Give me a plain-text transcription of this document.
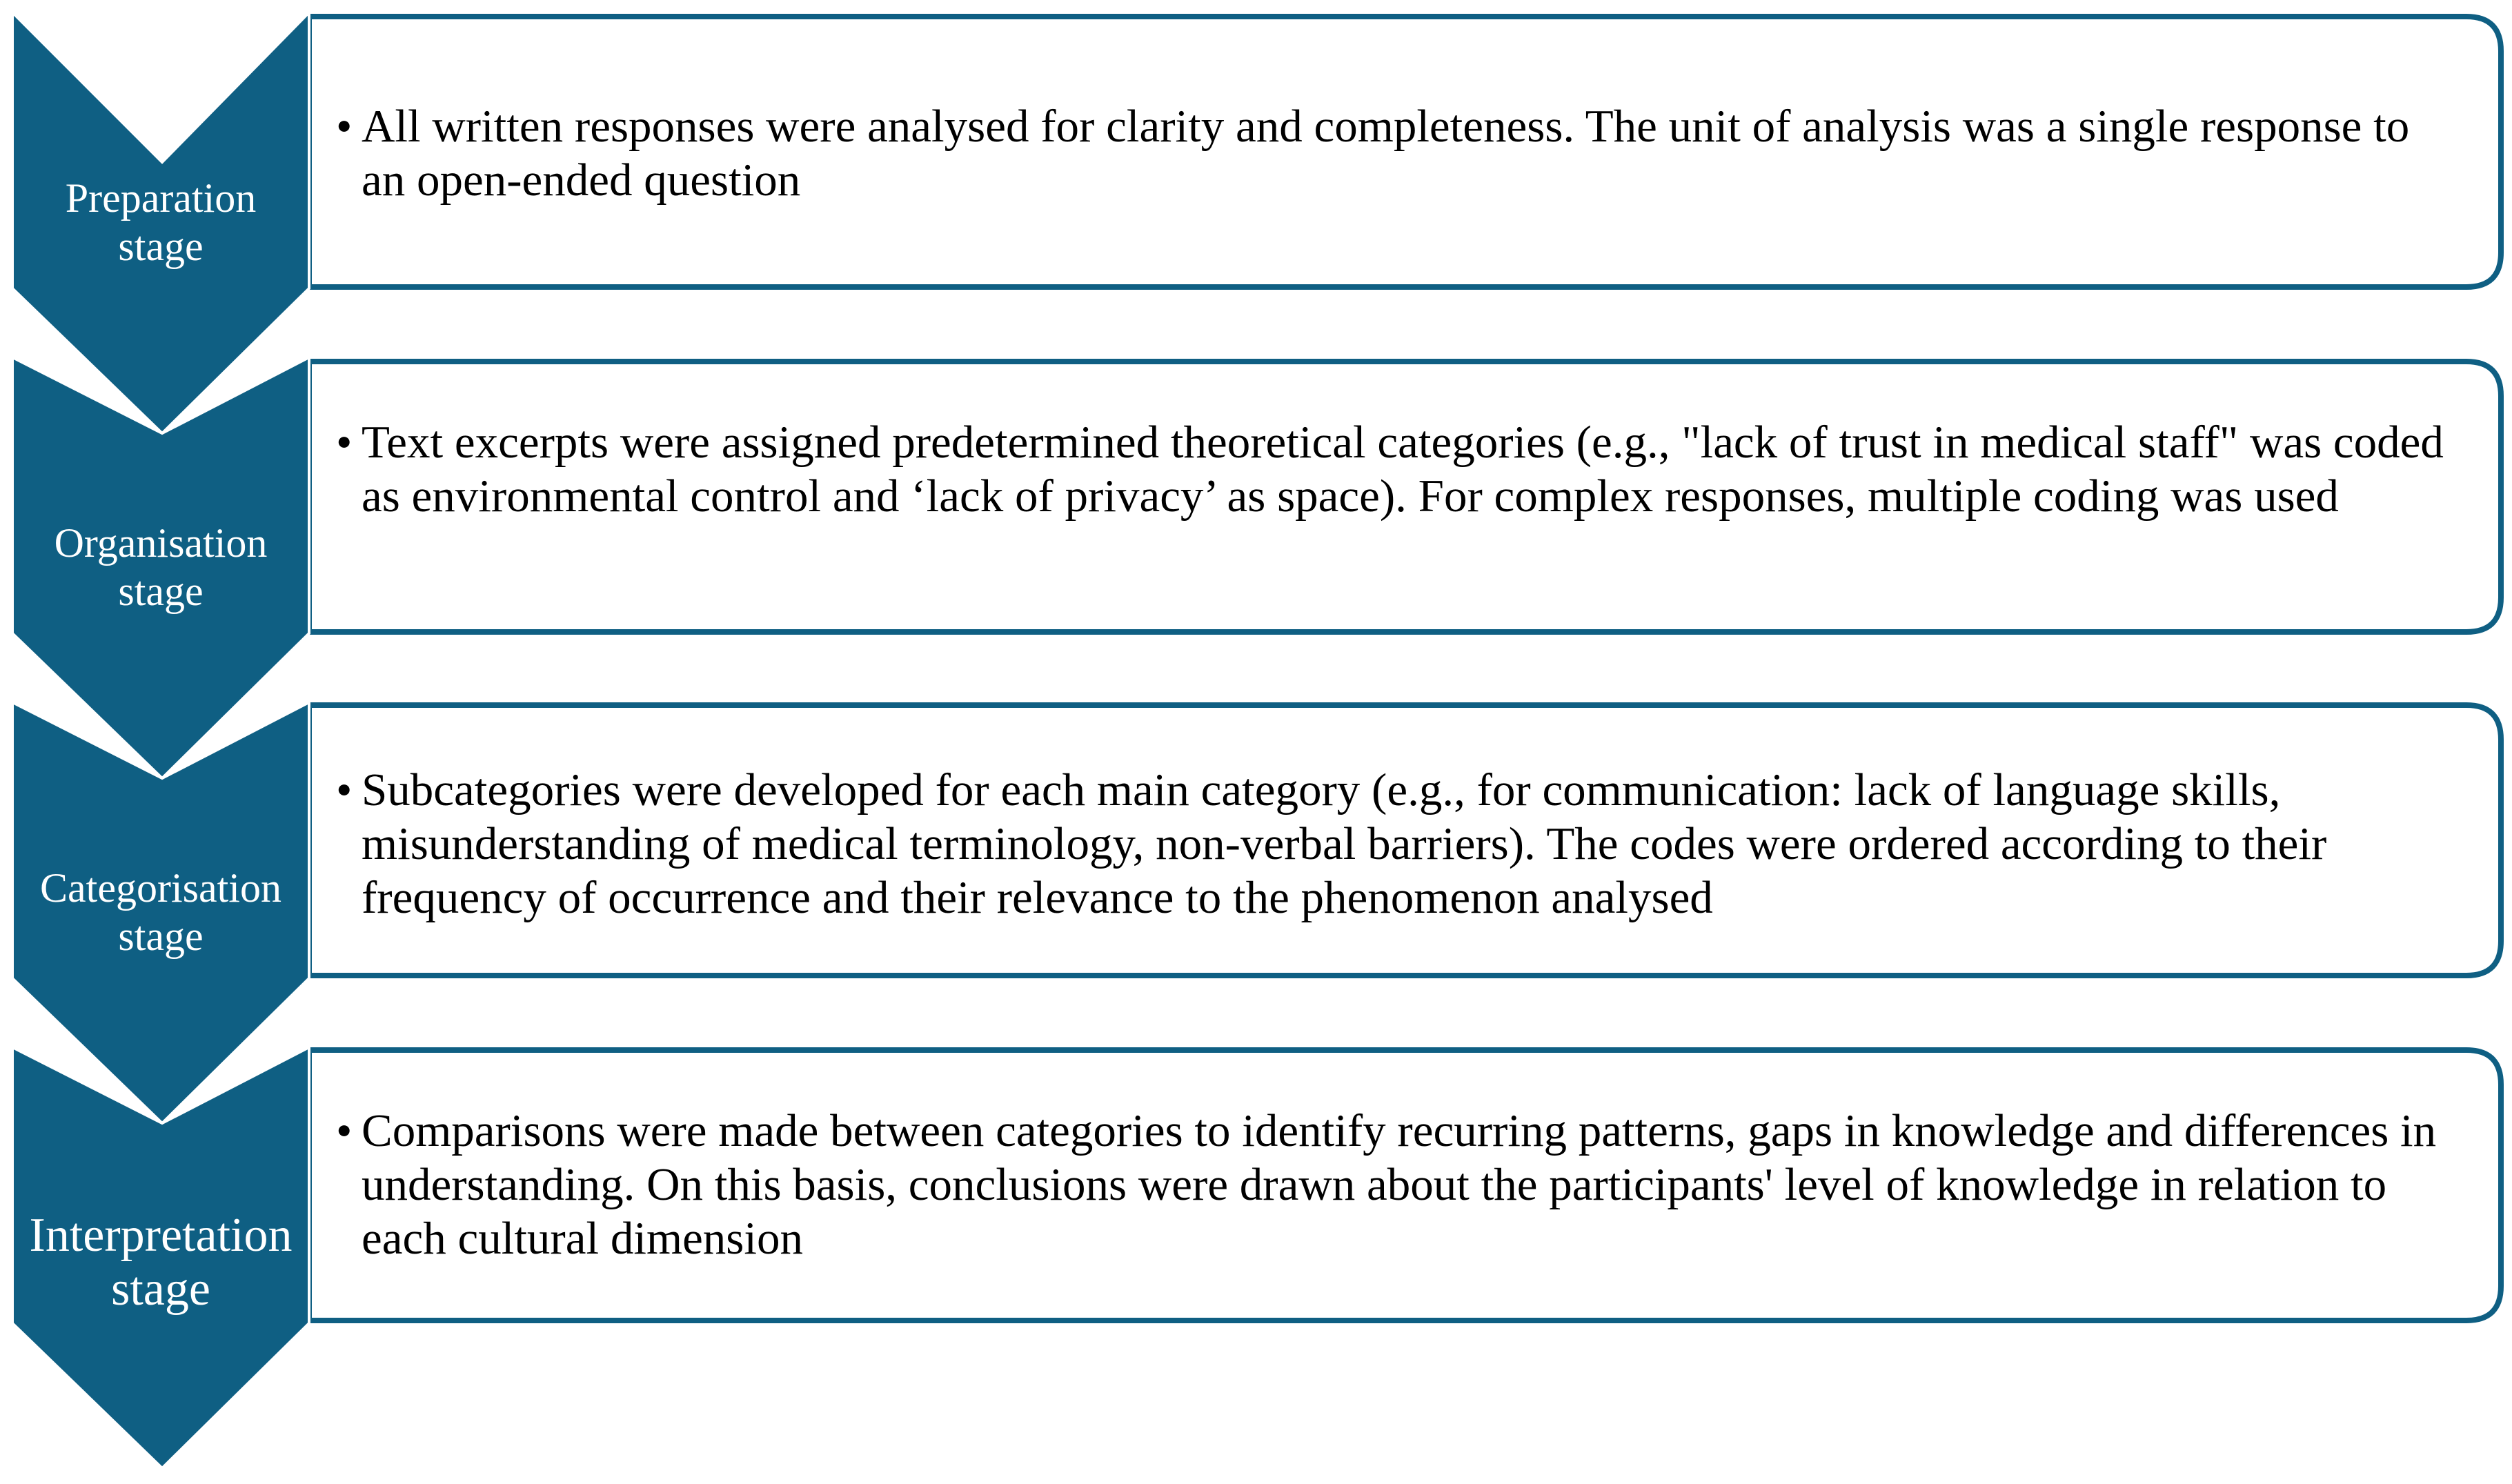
Preparation
stage
• All written responses were analysed for clarity and completeness. The unit of analysis was a single response to an open-ended question
Organisation
stage
• Text excerpts were assigned predetermined theoretical categories (e.g., "lack of trust in medical staff" was coded as environmental control and ‘lack of privacy’ as space). For complex responses, multiple coding was used
Categorisation
stage
• Subcategories were developed for each main category (e.g., for communication: lack of language skills, misunderstanding of medical terminology, non-verbal barriers). The codes were ordered according to their frequency of occurrence and their relevance to the phenomenon analysed
Interpretation
stage
• Comparisons were made between categories to identify recurring patterns, gaps in knowledge and differences in understanding. On this basis, conclusions were drawn about the participants' level of knowledge in relation to each cultural dimension
